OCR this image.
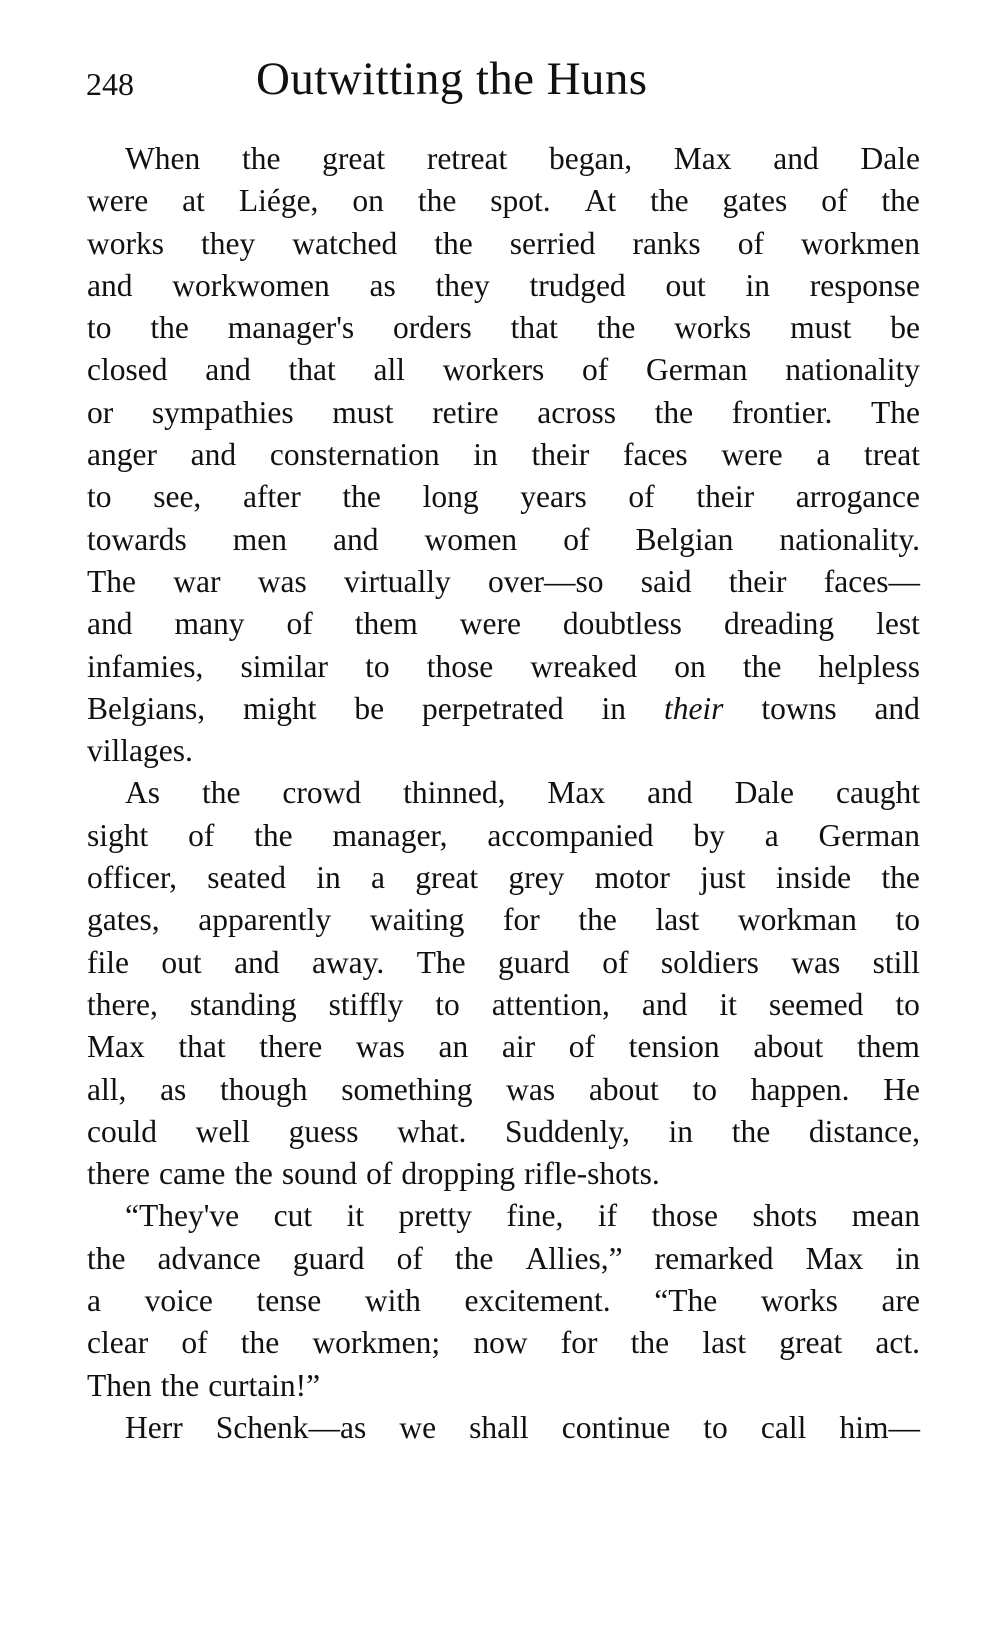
248	Outwitting the Huns
When the great retreat began, Max and Dale
were at Liége, on the spot. At the gates of the
works they watched the serried ranks of workmen
and workwomen as they trudged out in response
to the manager's orders that the works must be
closed and that all workers of German nationality
or sympathies must retire across the frontier. The
anger and consternation in their faces were a treat
to see, after the long years of their arrogance
towards men and women of Belgian nationality.
The war was virtually over—so said their faces—
and many of them were doubtless dreading lest
infamies, similar to those wreaked on the helpless
Belgians, might be perpetrated in their towns and
villages.
As the crowd thinned, Max and Dale caught
sight of the manager, accompanied by a German
officer, seated in a great grey motor just inside the
gates, apparently waiting for the last workman to
file out and away. The guard of soldiers was still
there, standing stiffly to attention, and it seemed to
Max that there was an air of tension about them
all, as though something was about to happen. He
could well guess what. Suddenly, in the distance,
there came the sound of dropping rifle-shots.
“They've cut it pretty fine, if those shots mean
the advance guard of the Allies,” remarked Max in
a voice tense with excitement. “The works are
clear of the workmen; now for the last great act.
Then the curtain!”
Herr Schenk—as we shall continue to call him—
